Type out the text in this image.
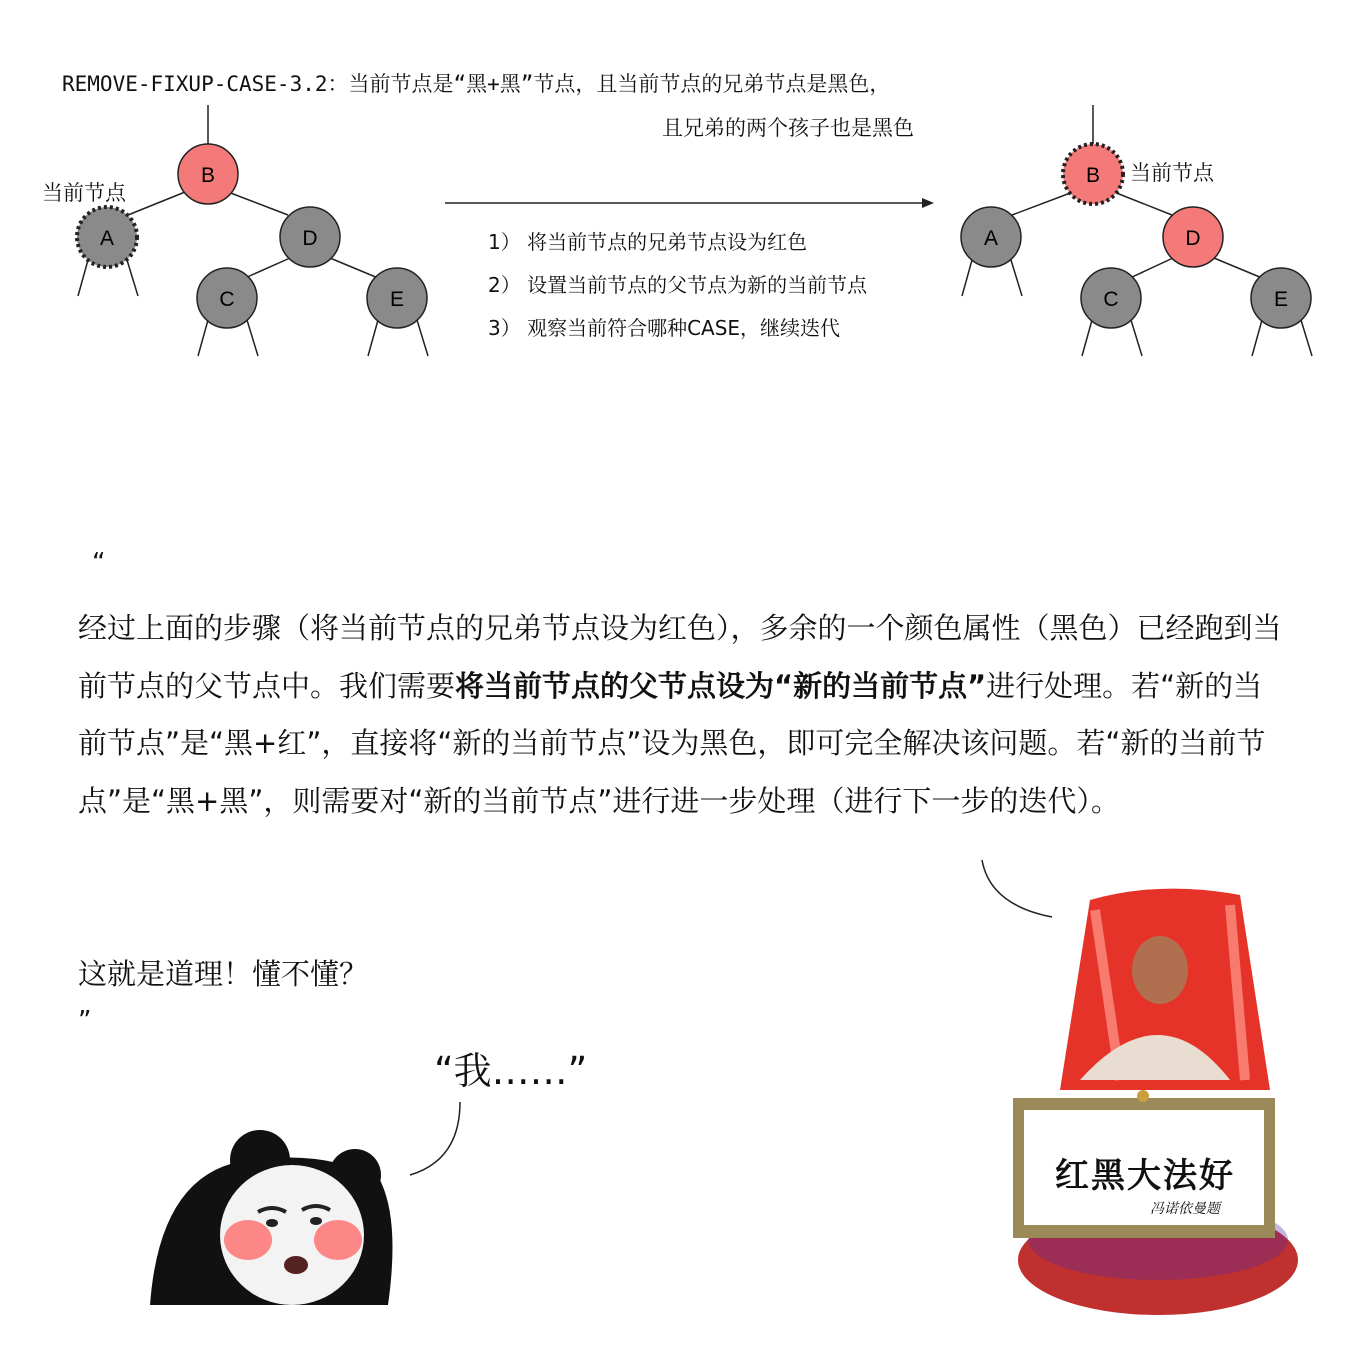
REMOVE-FIXUP-CASE-3.2：当前节点是“黑+黑”节点，且当前节点的兄弟节点是黑色，
且兄弟的两个孩子也是黑色
当前节点
当前节点
1） 将当前节点的兄弟节点设为红色
2） 设置当前节点的父节点为新的当前节点
3） 观察当前符合哪种CASE，继续迭代
B
A	D
C	E
B
A	D
C	E
“
经过上面的步骤（将当前节点的兄弟节点设为红色），多余的一个颜色属性（黑色）已经跑到当前节点的父节点中。我们需要将当前节点的父节点设为“新的当前节点”进行处理。若“新的当前节点”是“黑+红”，直接将“新的当前节点”设为黑色，即可完全解决该问题。若“新的当前节点”是“黑+黑”，则需要对“新的当前节点”进行进一步处理（进行下一步的迭代）。
这就是道理！懂不懂？
”
“我……”
红黑大法好
冯诺依曼题
